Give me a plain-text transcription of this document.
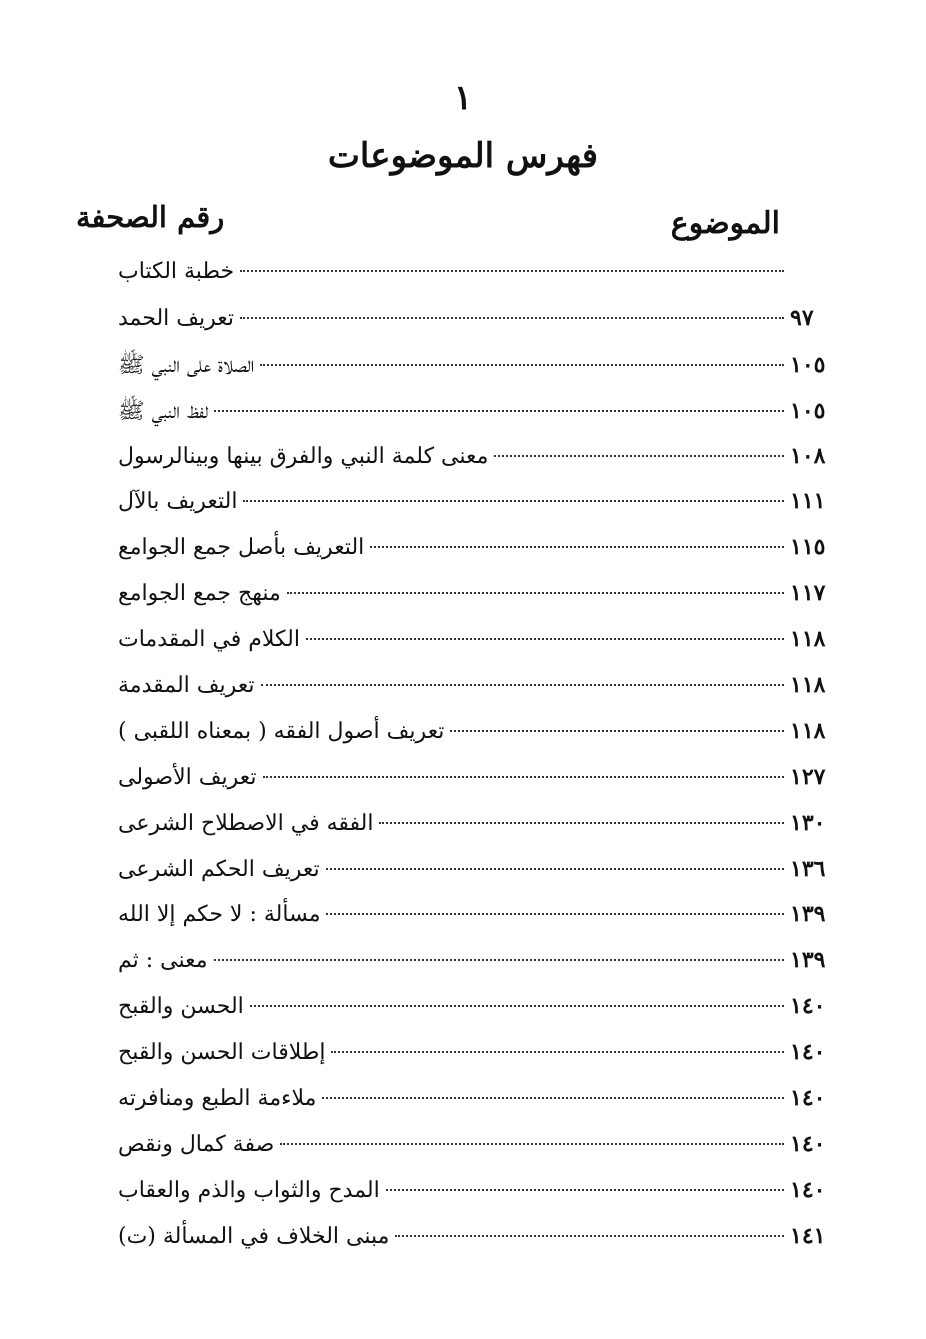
١
فهرس الموضوعات
الموضوع
رقم الصحفة
خطبة الكتاب
تعريف الحمد	٩٧
الصلاة على النبي ﷺ	١٠٥
لفظ النبي ﷺ	١٠٥
معنى كلمة النبي والفرق بينها وبينالرسول	١٠٨
التعريف بالآل	١١١
التعريف بأصل جمع الجوامع	١١٥
منهج جمع الجوامع	١١٧
الكلام في المقدمات	١١٨
تعريف المقدمة	١١٨
تعريف أصول الفقه ( بمعناه اللقبى )	١١٨
تعريف الأصولى	١٢٧
الفقه في الاصطلاح الشرعى	١٣٠
تعريف الحكم الشرعى	١٣٦
مسألة : لا حكم إلا الله	١٣٩
معنى : ثم	١٣٩
الحسن والقبح	١٤٠
إطلاقات الحسن والقبح	١٤٠
ملاءمة الطبع ومنافرته	١٤٠
صفة كمال ونقص	١٤٠
المدح والثواب والذم والعقاب	١٤٠
مبنى الخلاف في المسألة (ت)	١٤١
